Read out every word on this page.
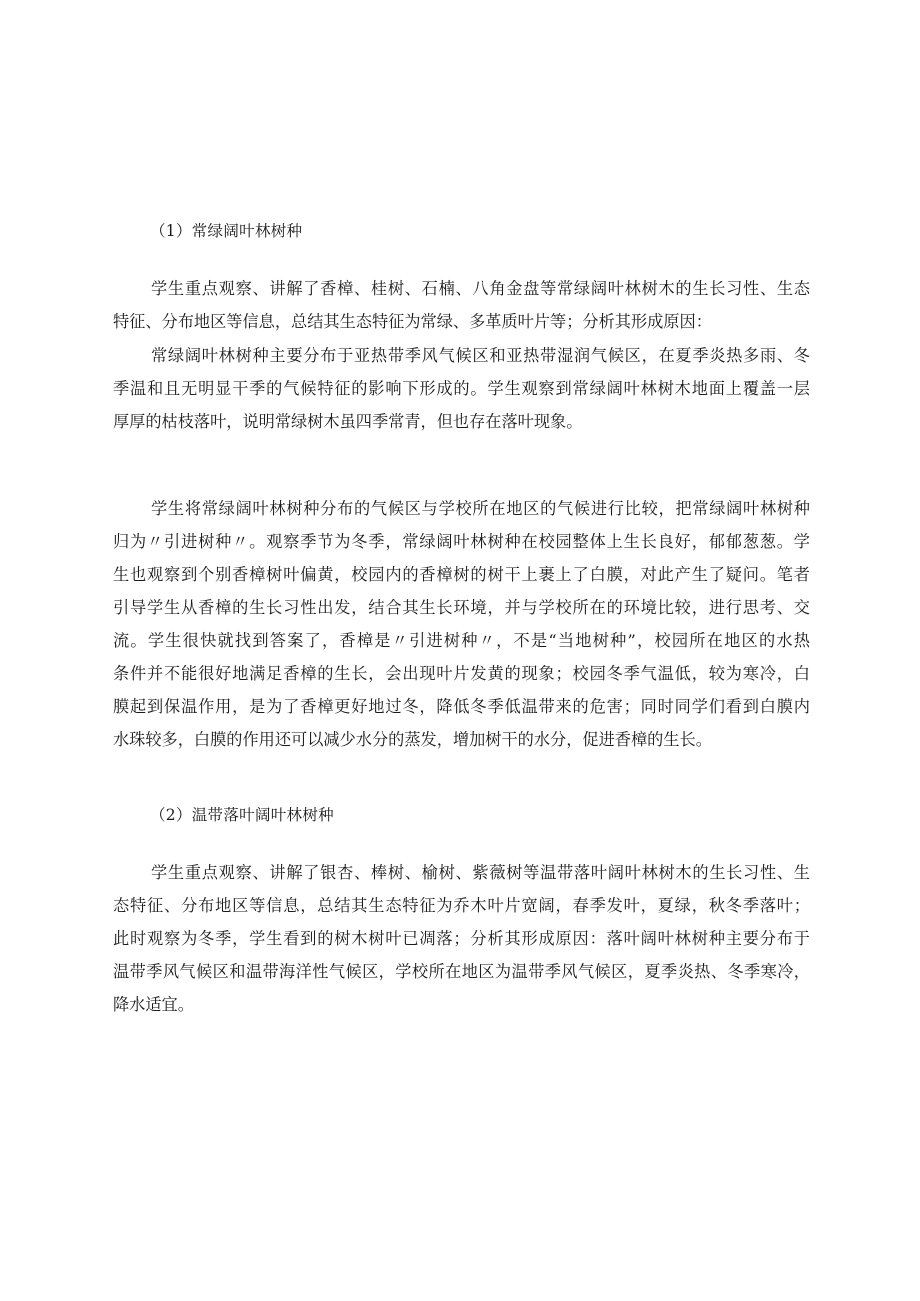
（1）常绿阔叶林树种
学生重点观察、讲解了香樟、桂树、石楠、八角金盘等常绿阔叶林树木的生长习性、生态
特征、分布地区等信息，总结其生态特征为常绿、多革质叶片等；分析其形成原因：
常绿阔叶林树种主要分布于亚热带季风气候区和亚热带湿润气候区，在夏季炎热多雨、冬
季温和且无明显干季的气候特征的影响下形成的。学生观察到常绿阔叶林树木地面上覆盖一层
厚厚的枯枝落叶，说明常绿树木虽四季常青，但也存在落叶现象。
学生将常绿阔叶林树种分布的气候区与学校所在地区的气候进行比较，把常绿阔叶林树种
归为〃引进树种〃。观察季节为冬季，常绿阔叶林树种在校园整体上生长良好，郁郁葱葱。学
生也观察到个别香樟树叶偏黄，校园内的香樟树的树干上裹上了白膜，对此产生了疑问。笔者
引导学生从香樟的生长习性出发，结合其生长环境，并与学校所在的环境比较，进行思考、交
流。学生很快就找到答案了，香樟是〃引进树种〃，不是“当地树种”，校园所在地区的水热
条件并不能很好地满足香樟的生长，会出现叶片发黄的现象；校园冬季气温低，较为寒冷，白
膜起到保温作用，是为了香樟更好地过冬，降低冬季低温带来的危害；同时同学们看到白膜内
水珠较多，白膜的作用还可以减少水分的蒸发，增加树干的水分，促进香樟的生长。
（2）温带落叶阔叶林树种
学生重点观察、讲解了银杏、棒树、榆树、紫薇树等温带落叶阔叶林树木的生长习性、生
态特征、分布地区等信息，总结其生态特征为乔木叶片宽阔，春季发叶，夏绿，秋冬季落叶；
此时观察为冬季，学生看到的树木树叶已凋落；分析其形成原因：落叶阔叶林树种主要分布于
温带季风气候区和温带海洋性气候区，学校所在地区为温带季风气候区，夏季炎热、冬季寒冷，
降水适宜。
